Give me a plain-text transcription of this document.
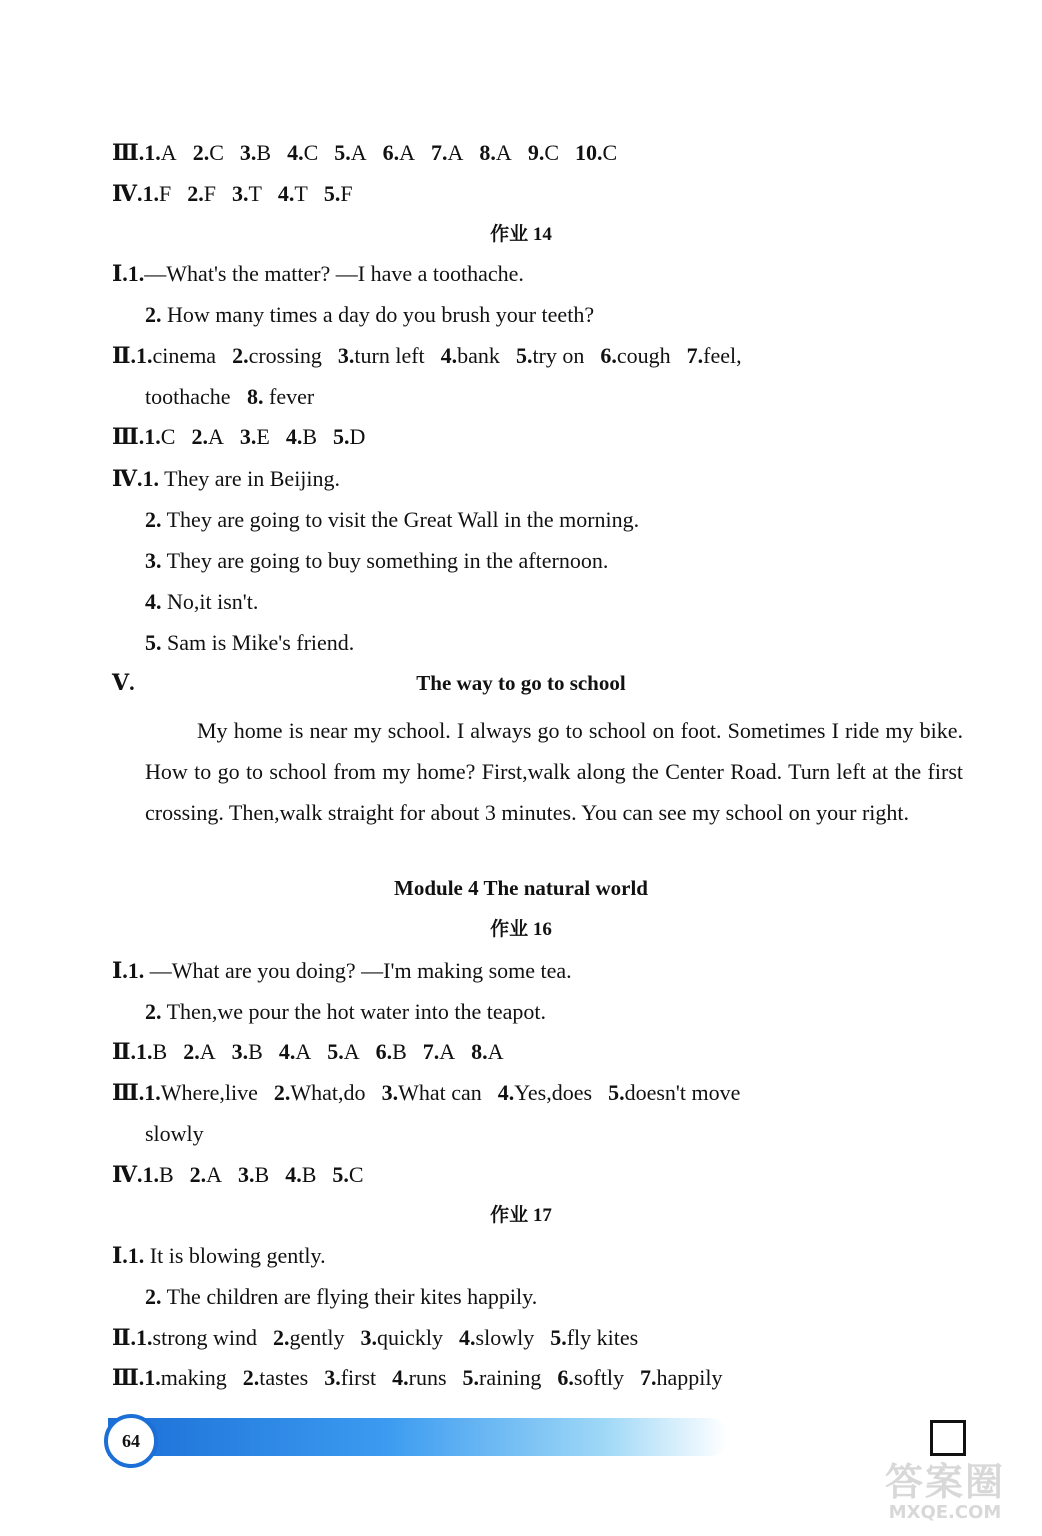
Ⅲ.1.A 2.C 3.B 4.C 5.A 6.A 7.A 8.A 9.C 10.C
Ⅳ.1.F 2.F 3.T 4.T 5.F
作业 14
Ⅰ.1.—What's the matter? —I have a toothache.
2. How many times a day do you brush your teeth?
Ⅱ.1.cinema 2.crossing 3.turn left 4.bank 5.try on 6.cough 7.feel,
toothache 8. fever
Ⅲ.1.C 2.A 3.E 4.B 5.D
Ⅳ.1. They are in Beijing.
2. They are going to visit the Great Wall in the morning.
3. They are going to buy something in the afternoon.
4. No,it isn't.
5. Sam is Mike's friend.
Ⅴ.	The way to go to school
My home is near my school. I always go to school on foot. Sometimes I ride my bike. How to go to school from my home? First,walk along the Center Road. Turn left at the first crossing. Then,walk straight for about 3 minutes. You can see my school on your right.
Module 4 The natural world
作业 16
Ⅰ.1. —What are you doing? —I'm making some tea.
2. Then,we pour the hot water into the teapot.
Ⅱ.1.B 2.A 3.B 4.A 5.A 6.B 7.A 8.A
Ⅲ.1.Where,live 2.What,do 3.What can 4.Yes,does 5.doesn't move
slowly
Ⅳ.1.B 2.A 3.B 4.B 5.C
作业 17
Ⅰ.1. It is blowing gently.
2. The children are flying their kites happily.
Ⅱ.1.strong wind 2.gently 3.quickly 4.slowly 5.fly kites
Ⅲ.1.making 2.tastes 3.first 4.runs 5.raining 6.softly 7.happily
64
答案圈
MXQE.COM
